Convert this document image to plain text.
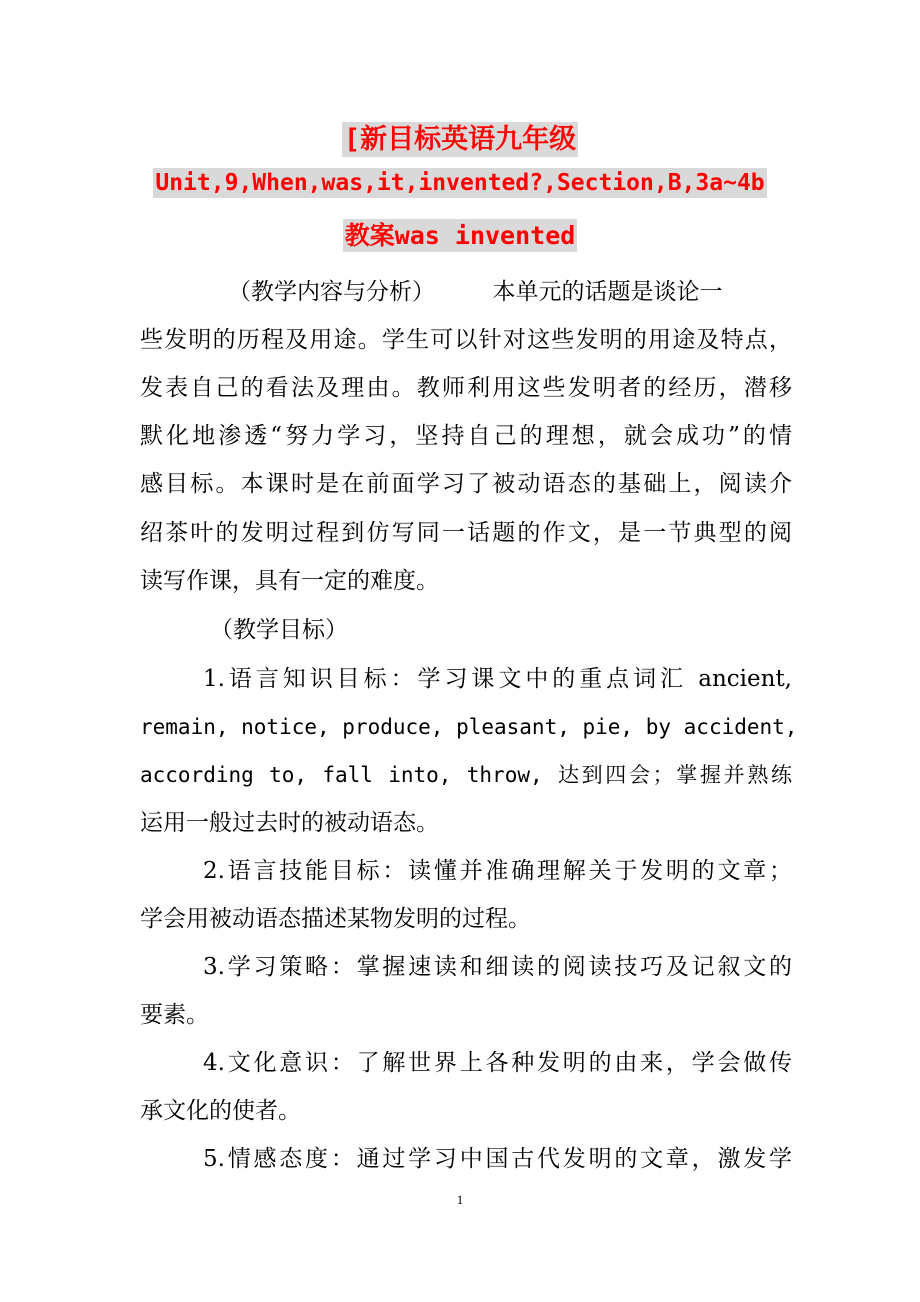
[新目标英语九年级
Unit,9,When,was,it,invented?,Section,B,3a~4b
教案was invented
（教学内容与分析）　　　本单元的话题是谈论一
些发明的历程及用途。学生可以针对这些发明的用途及特点，
发表自己的看法及理由。教师利用这些发明者的经历，潜移
默化地渗透“努力学习，坚持自己的理想，就会成功”的情
感目标。本课时是在前面学习了被动语态的基础上，阅读介
绍茶叶的发明过程到仿写同一话题的作文，是一节典型的阅
读写作课，具有一定的难度。
（教学目标）
1.语言知识目标：学习课文中的重点词汇 ancient,
remain, notice, produce, pleasant, pie, by accident,
according to, fall into, throw, 达到四会；掌握并熟练
运用一般过去时的被动语态。
2.语言技能目标：读懂并准确理解关于发明的文章；
学会用被动语态描述某物发明的过程。
3.学习策略：掌握速读和细读的阅读技巧及记叙文的
要素。
4.文化意识：了解世界上各种发明的由来，学会做传
承文化的使者。
5.情感态度：通过学习中国古代发明的文章，激发学
1
